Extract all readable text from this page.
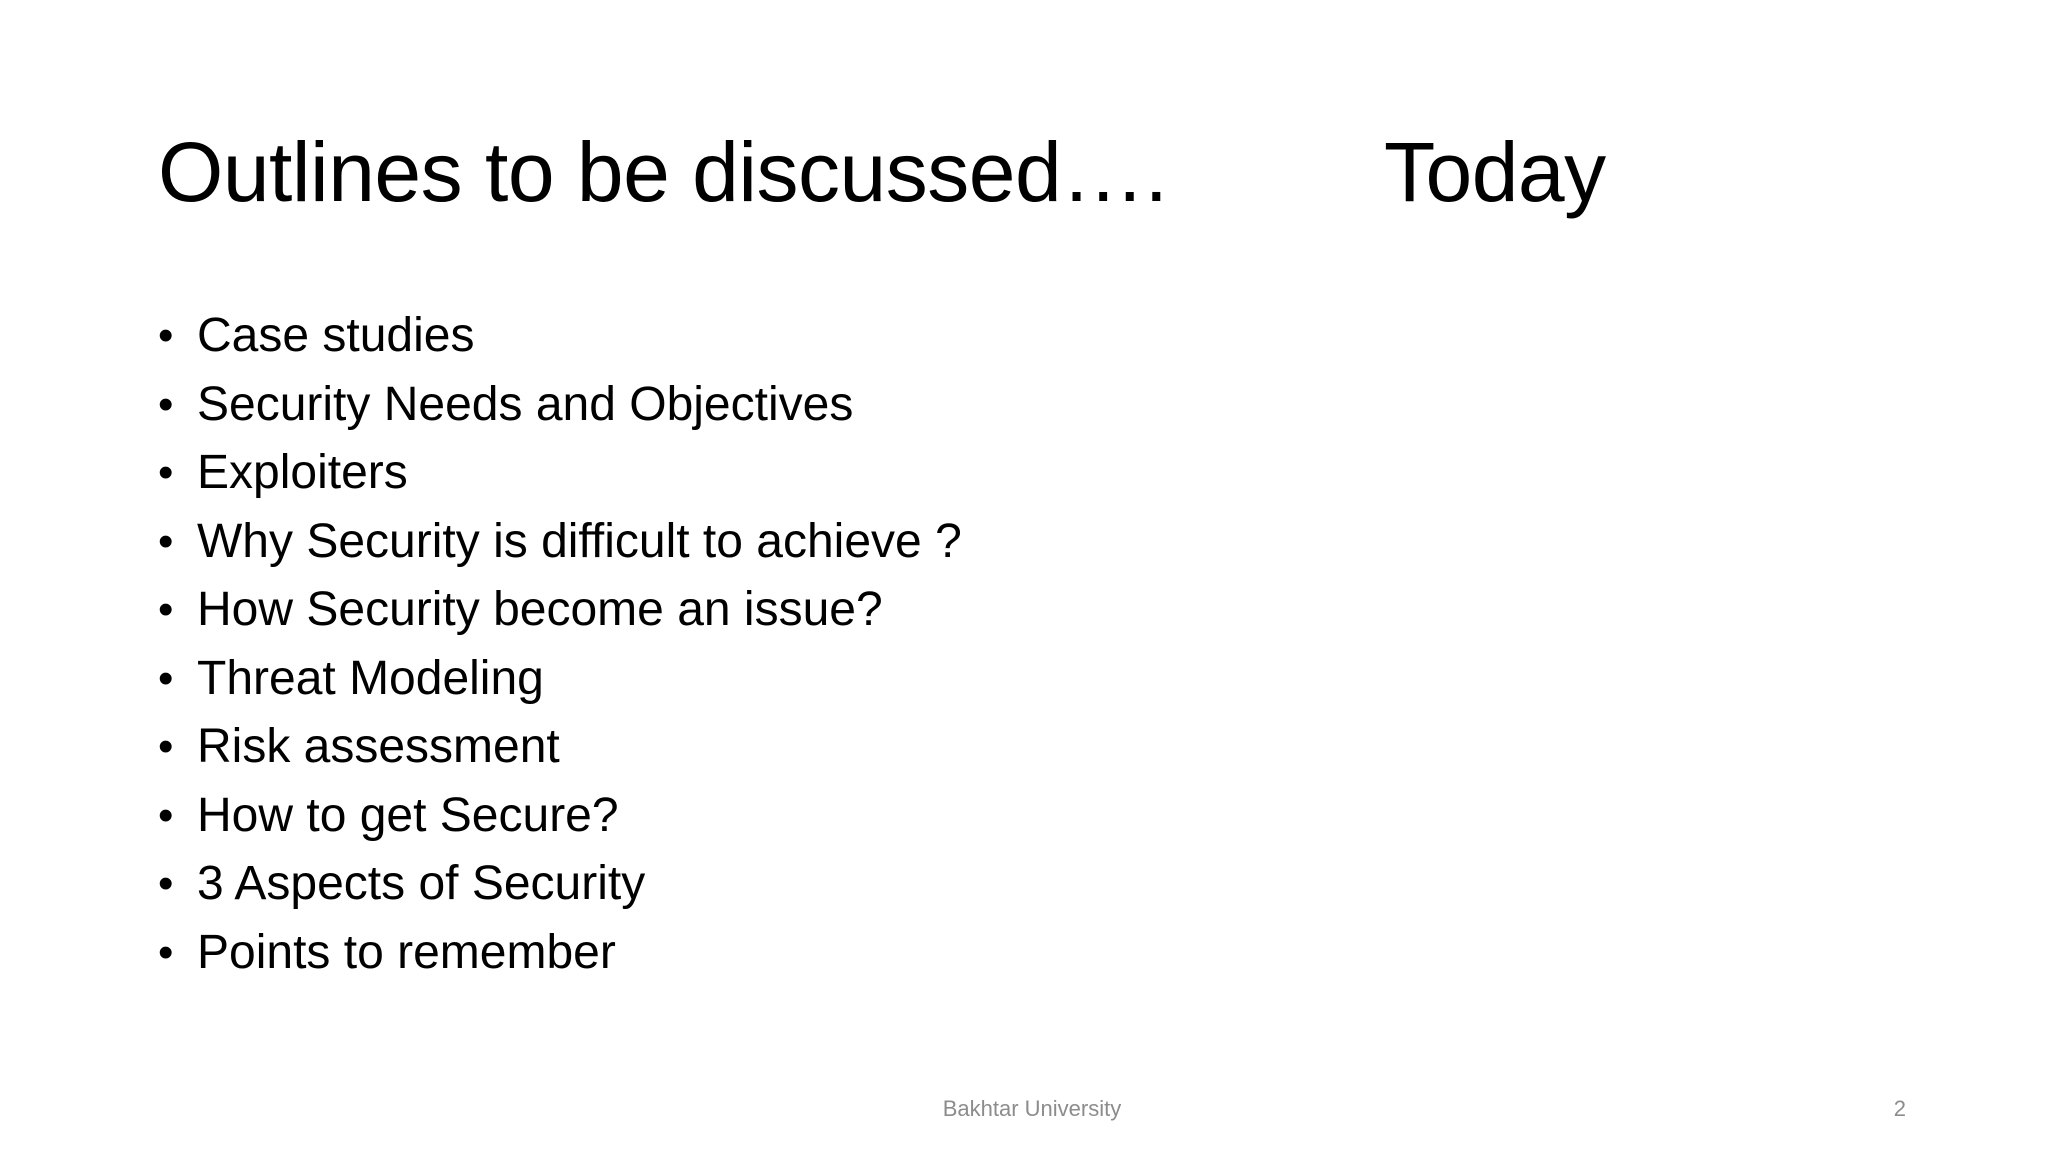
Outlines to be discussed….	Today
• Case studies
• Security Needs and Objectives
• Exploiters
• Why Security is difficult to achieve ?
• How Security become an issue?
• Threat Modeling
• Risk assessment
• How to get Secure?
• 3 Aspects of Security
• Points to remember
Bakhtar University	2
